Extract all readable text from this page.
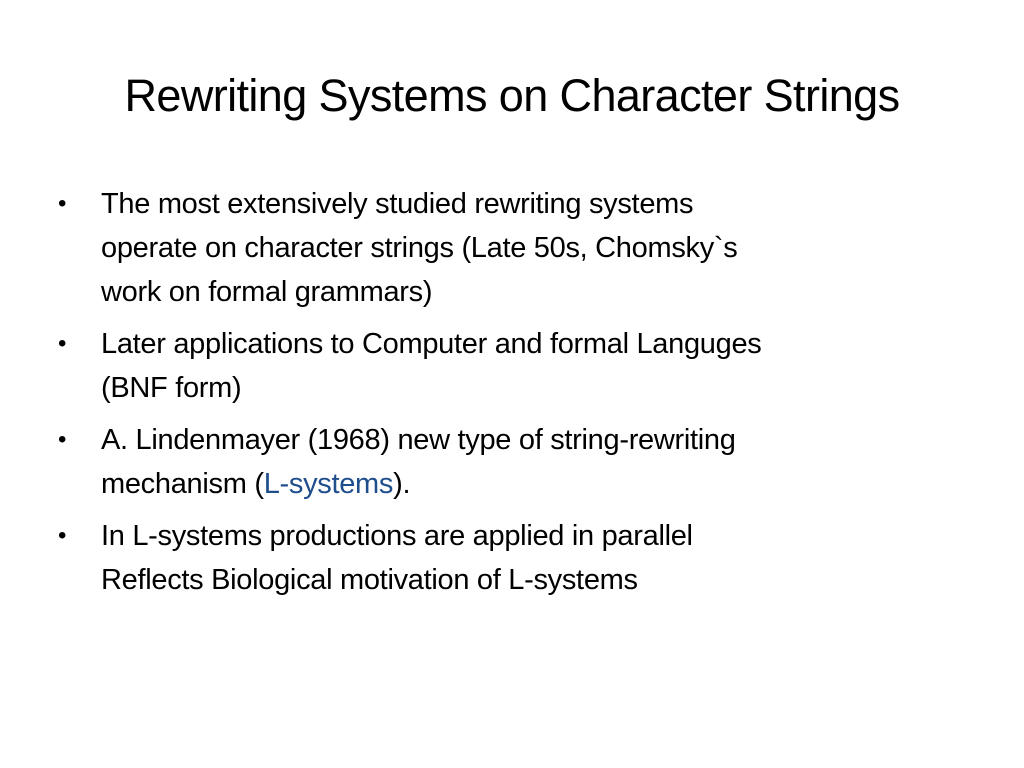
Rewriting Systems on Character Strings
• The most extensively studied rewriting systems
operate on character strings (Late 50s, Chomsky`s
work on formal grammars)
• Later applications to Computer and formal Languges
(BNF form)
• A. Lindenmayer (1968) new type of string-rewriting
mechanism (L-systems).
• In L-systems productions are applied in parallel
Reflects Biological motivation of L-systems
